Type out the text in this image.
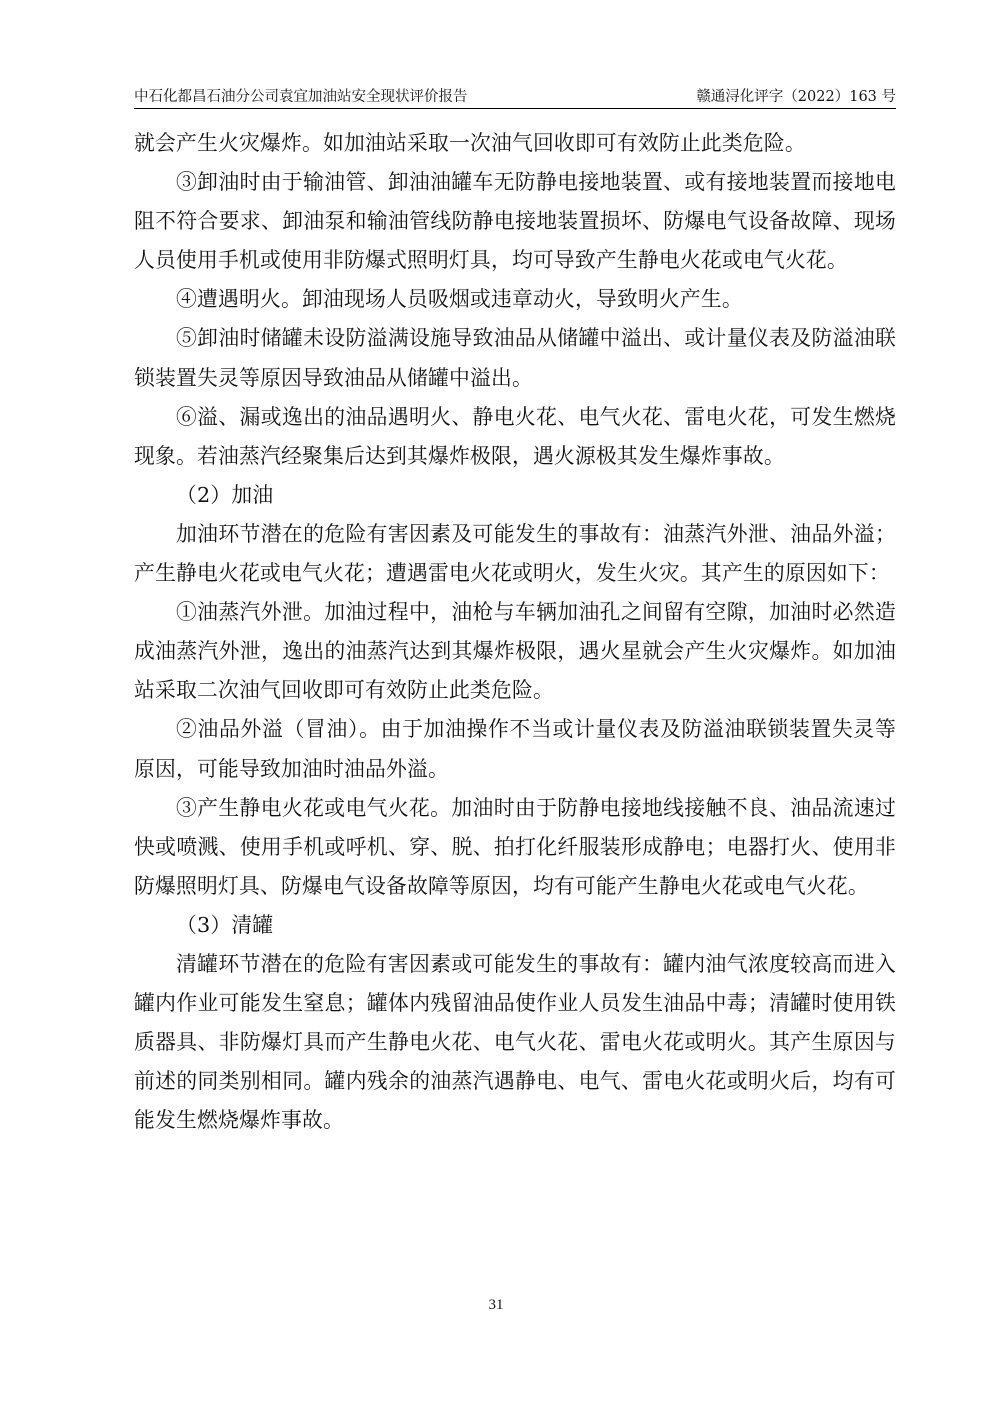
中石化都昌石油分公司袁宜加油站安全现状评价报告	赣通浔化评字（2022）163 号

就会产生火灾爆炸。如加油站采取一次油气回收即可有效防止此类危险。

③卸油时由于输油管、卸油油罐车无防静电接地装置、或有接地装置而接地电阻不符合要求、卸油泵和输油管线防静电接地装置损坏、防爆电气设备故障、现场人员使用手机或使用非防爆式照明灯具，均可导致产生静电火花或电气火花。

④遭遇明火。卸油现场人员吸烟或违章动火，导致明火产生。

⑤卸油时储罐未设防溢满设施导致油品从储罐中溢出、或计量仪表及防溢油联锁装置失灵等原因导致油品从储罐中溢出。

⑥溢、漏或逸出的油品遇明火、静电火花、电气火花、雷电火花，可发生燃烧现象。若油蒸汽经聚集后达到其爆炸极限，遇火源极其发生爆炸事故。

（2）加油

加油环节潜在的危险有害因素及可能发生的事故有：油蒸汽外泄、油品外溢；产生静电火花或电气火花；遭遇雷电火花或明火，发生火灾。其产生的原因如下：

①油蒸汽外泄。加油过程中，油枪与车辆加油孔之间留有空隙，加油时必然造成油蒸汽外泄，逸出的油蒸汽达到其爆炸极限，遇火星就会产生火灾爆炸。如加油站采取二次油气回收即可有效防止此类危险。

②油品外溢（冒油）。由于加油操作不当或计量仪表及防溢油联锁装置失灵等原因，可能导致加油时油品外溢。

③产生静电火花或电气火花。加油时由于防静电接地线接触不良、油品流速过快或喷溅、使用手机或呼机、穿、脱、拍打化纤服装形成静电；电器打火、使用非防爆照明灯具、防爆电气设备故障等原因，均有可能产生静电火花或电气火花。

（3）清罐

清罐环节潜在的危险有害因素或可能发生的事故有：罐内油气浓度较高而进入罐内作业可能发生窒息；罐体内残留油品使作业人员发生油品中毒；清罐时使用铁质器具、非防爆灯具而产生静电火花、电气火花、雷电火花或明火。其产生原因与前述的同类别相同。罐内残余的油蒸汽遇静电、电气、雷电火花或明火后，均有可能发生燃烧爆炸事故。

31
